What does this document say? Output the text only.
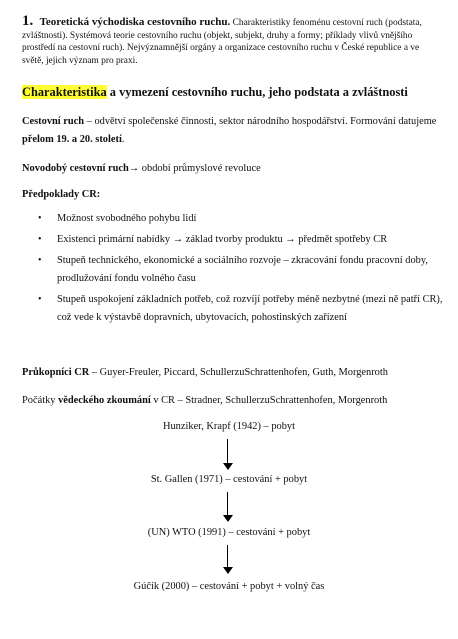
1. Teoretická východiska cestovního ruchu. Charakteristiky fenoménu cestovní ruch (podstata, zvláštnosti). Systémová teorie cestovního ruchu (objekt, subjekt, druhy a formy; příklady vlivů vnějšího prostředí na cestovní ruch). Nejvýznamnější orgány a organizace cestovního ruchu v České republice a ve světě, jejich význam pro praxi.
Charakteristika a vymezení cestovního ruchu, jeho podstata a zvláštnosti
Cestovní ruch – odvětví společenské činnosti, sektor národního hospodářství. Formování datujeme přelom 19. a 20. století.
Novodobý cestovní ruch→ období průmyslové revoluce
Předpoklady CR:
• Možnost svobodného pohybu lidí
• Existenci primární nabídky → základ tvorby produktu → předmět spotřeby CR
• Stupeň technického, ekonomické a sociálního rozvoje – zkracování fondu pracovní doby, prodlužování fondu volného času
• Stupeň uspokojení základních potřeb, což rozvíjí potřeby méně nezbytné (mezi ně patří CR), což vede k výstavbě dopravních, ubytovacích, pohostinských zařízení
Průkopníci CR – Guyer-Freuler, Piccard, SchullerzuSchrattenhofen, Guth, Morgenroth
Počátky vědeckého zkoumání v CR – Stradner, SchullerzuSchrattenhofen, Morgenroth
Hunziker, Krapf (1942) – pobyt
St. Gallen (1971) – cestování + pobyt
(UN) WTO (1991) – cestování + pobyt
Gúčik (2000) – cestování + pobyt + volný čas
